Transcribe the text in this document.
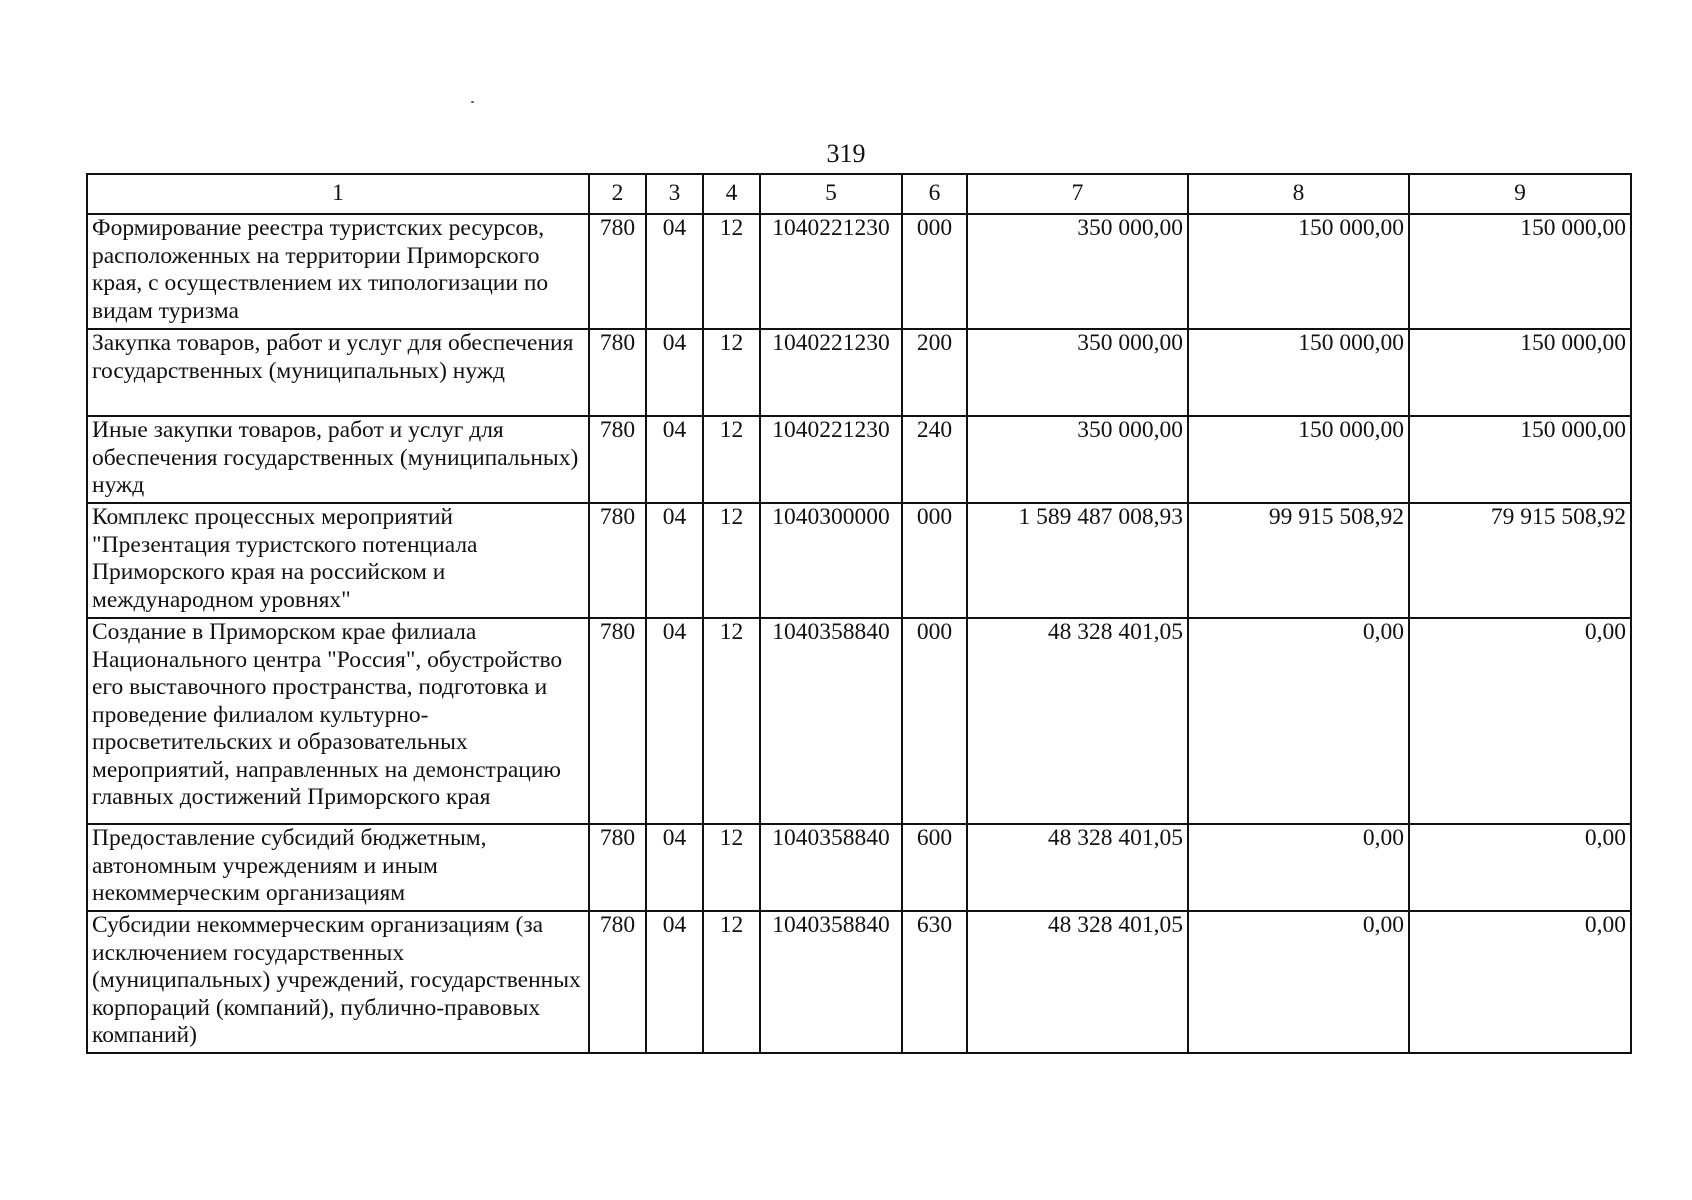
319
1	2	3	4	5	6	7	8	9
Формирование реестра туристских ресурсов, расположенных на территории Приморского края, с осуществлением их типологизации по видам туризма	780	04	12	1040221230	000	350 000,00	150 000,00	150 000,00
Закупка товаров, работ и услуг для обеспечения государственных (муниципальных) нужд	780	04	12	1040221230	200	350 000,00	150 000,00	150 000,00
Иные закупки товаров, работ и услуг для обеспечения государственных (муниципальных) нужд	780	04	12	1040221230	240	350 000,00	150 000,00	150 000,00
Комплекс процессных мероприятий "Презентация туристского потенциала Приморского края на российском и международном уровнях"	780	04	12	1040300000	000	1 589 487 008,93	99 915 508,92	79 915 508,92
Создание в Приморском крае филиала Национального центра "Россия", обустройство его выставочного пространства, подготовка и проведение филиалом культурно-просветительских и образовательных мероприятий, направленных на демонстрацию главных достижений Приморского края	780	04	12	1040358840	000	48 328 401,05	0,00	0,00
Предоставление субсидий бюджетным, автономным учреждениям и иным некоммерческим организациям	780	04	12	1040358840	600	48 328 401,05	0,00	0,00
Субсидии некоммерческим организациям (за исключением государственных (муниципальных) учреждений, государственных корпораций (компаний), публично-правовых компаний)	780	04	12	1040358840	630	48 328 401,05	0,00	0,00
